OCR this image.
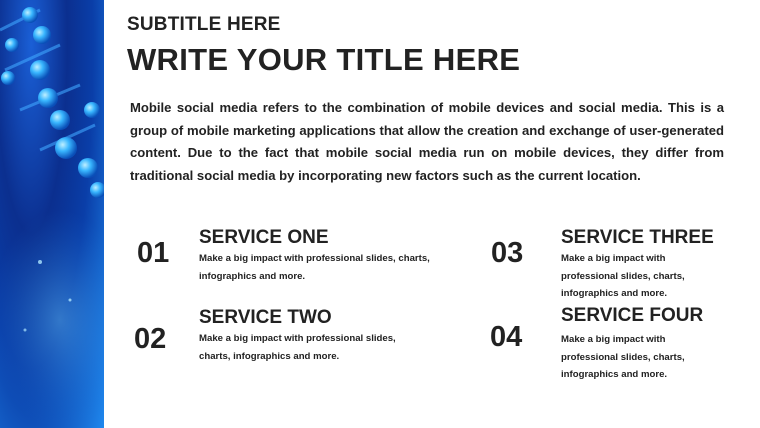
SUBTITLE HERE
WRITE YOUR TITLE HERE
Mobile social media refers to the combination of mobile devices and social media. This is a group of mobile marketing applications that allow the creation and exchange of user-generated content. Due to the fact that mobile social media run on mobile devices, they differ from traditional social media by incorporating new factors such as the current location.
01 SERVICE ONE
Make a big impact with professional slides, charts, infographics and more.
02
SERVICE TWO
Make a big impact with professional slides, charts, infographics and more.
03 SERVICE THREE
Make a big impact with professional slides, charts, infographics and more.
04
SERVICE FOUR
Make a big impact with professional slides, charts, infographics and more.
